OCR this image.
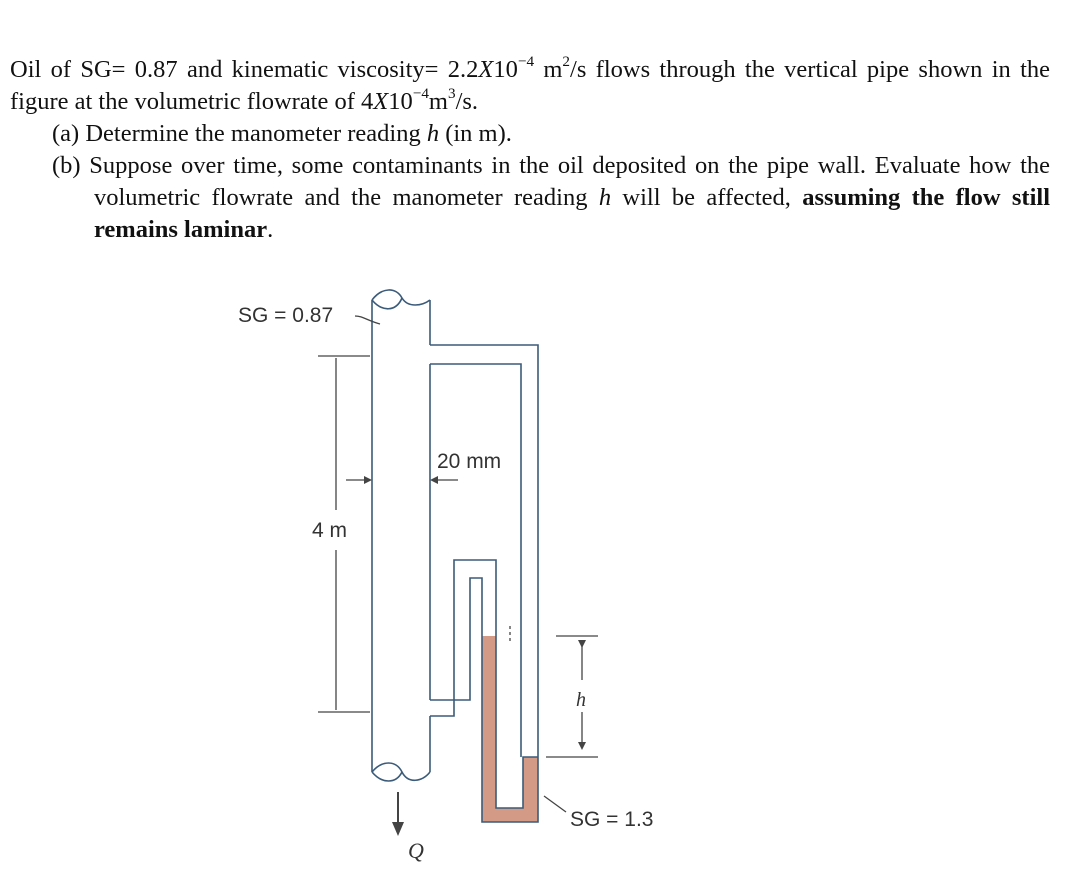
Oil of SG= 0.87 and kinematic viscosity= $2.2X10^{-4}$ $m^2/s$ flows through the vertical pipe shown in the figure at the volumetric flowrate of $4X10^{-4}m^3/s$.

(a) Determine the manometer reading h (in m).

(b) Suppose over time, some contaminants in the oil deposited on the pipe wall. Evaluate how the volumetric flowrate and the manometer reading h will be affected, assuming the flow still remains laminar.

SG = 0.87
4 m
20 mm
h
SG = 1.3
Q
